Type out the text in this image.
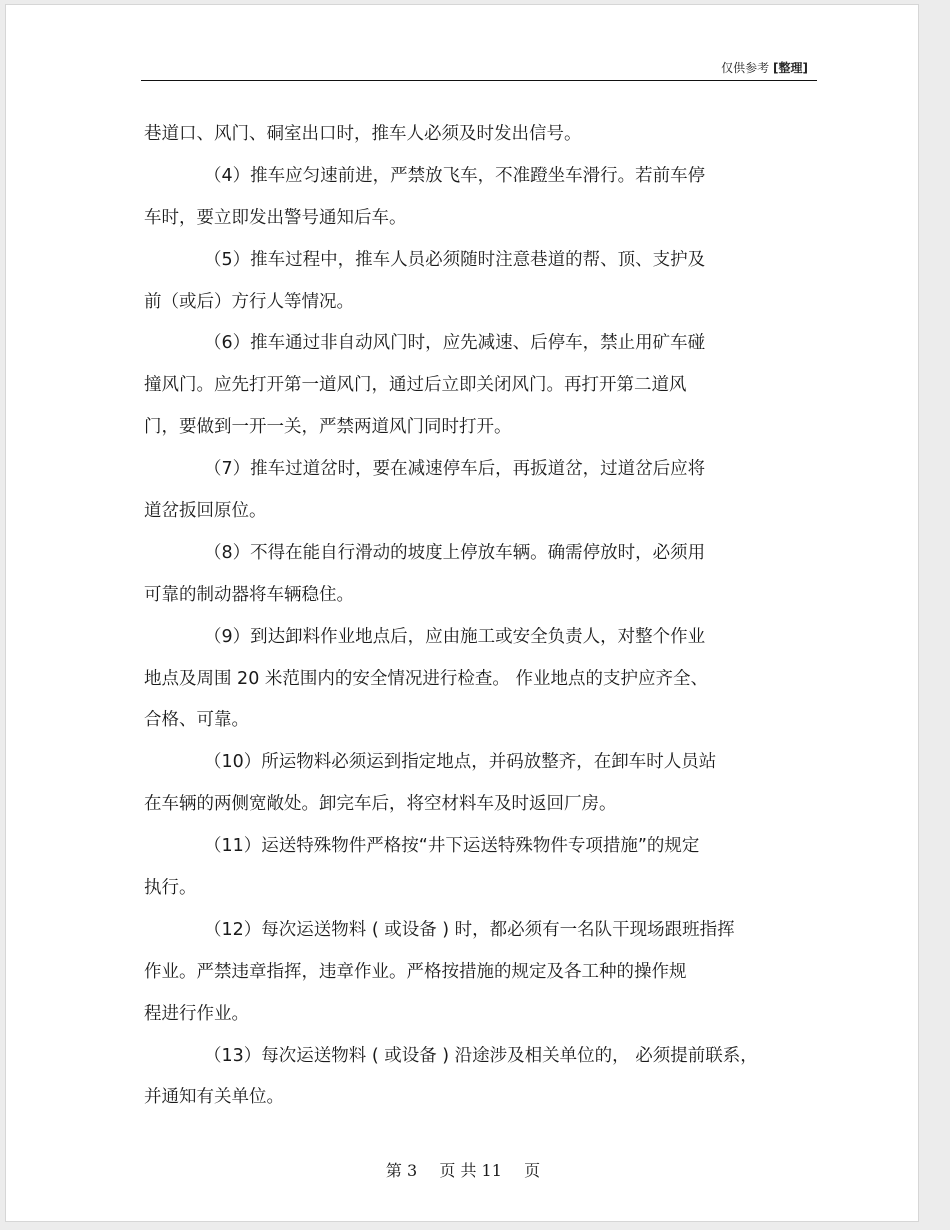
仅供参考 [整理]
巷道口、风门、硐室出口时，推车人必须及时发出信号。
（4）推车应匀速前进，严禁放飞车，不准蹬坐车滑行。若前车停
车时，要立即发出警号通知后车。
（5）推车过程中，推车人员必须随时注意巷道的帮、顶、支护及
前（或后）方行人等情况。
（6）推车通过非自动风门时，应先减速、后停车，禁止用矿车碰
撞风门。应先打开第一道风门，通过后立即关闭风门。再打开第二道风
门，要做到一开一关，严禁两道风门同时打开。
（7）推车过道岔时，要在减速停车后，再扳道岔，过道岔后应将
道岔扳回原位。
（8）不得在能自行滑动的坡度上停放车辆。确需停放时，必须用
可靠的制动器将车辆稳住。
（9）到达卸料作业地点后，应由施工或安全负责人，对整个作业
地点及周围 20 米范围内的安全情况进行检查。 作业地点的支护应齐全、
合格、可靠。
（10）所运物料必须运到指定地点，并码放整齐，在卸车时人员站
在车辆的两侧宽敞处。卸完车后，将空材料车及时返回厂房。
（11）运送特殊物件严格按“井下运送特殊物件专项措施”的规定
执行。
（12）每次运送物料 ( 或设备 ) 时，都必须有一名队干现场跟班指挥
作业。严禁违章指挥，违章作业。严格按措施的规定及各工种的操作规
程进行作业。
（13）每次运送物料 ( 或设备 ) 沿途涉及相关单位的， 必须提前联系，
并通知有关单位。
第 3 页 共 11 页
